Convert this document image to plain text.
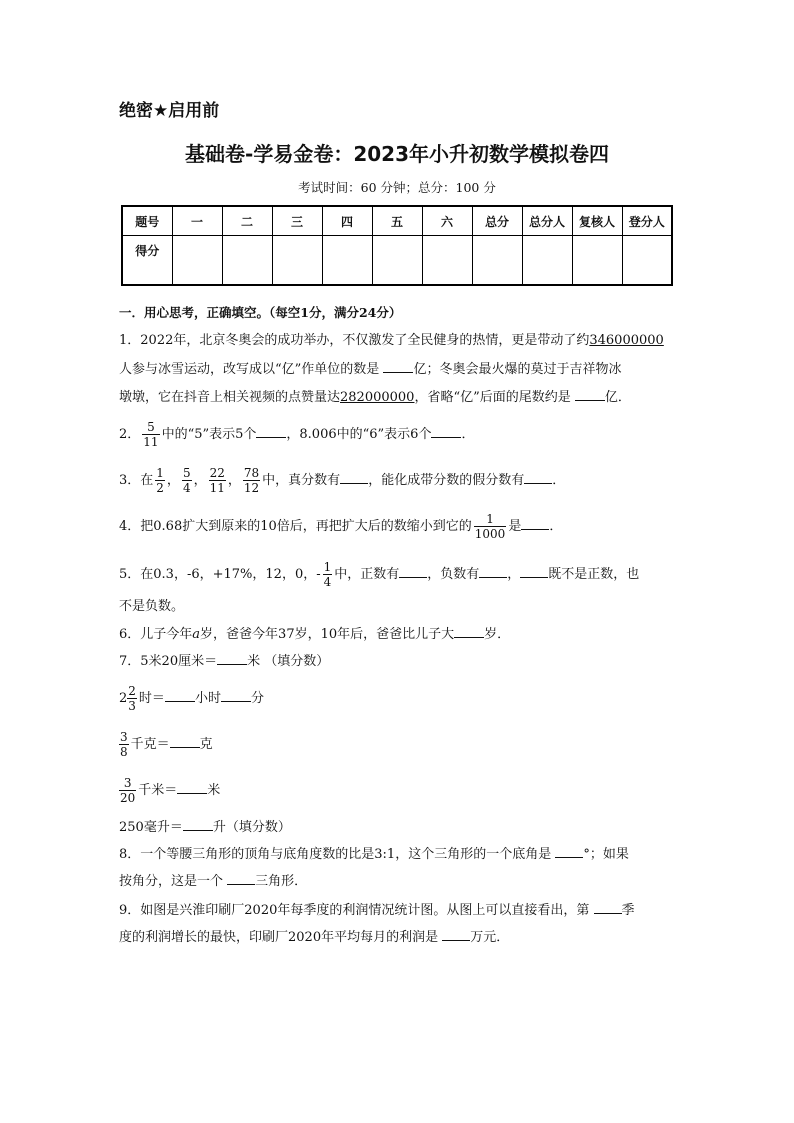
绝密★启用前
基础卷-学易金卷：2023年小升初数学模拟卷四
考试时间：60 分钟；总分：100 分
题号	一	二	三	四	五	六	总分	总分人	复核人	登分人
得分										
一．用心思考，正确填空。（每空1分，满分24分）
1．2022年，北京冬奥会的成功举办，不仅激发了全民健身的热情，更是带动了约346000000
人参与冰雪运动，改写成以“亿”作单位的数是	亿；冬奥会最火爆的莫过于吉祥物冰
墩墩，它在抖音上相关视频的点赞量达282000000，省略“亿”后面的尾数约是	亿．
2． $\frac{5}{11}$ 中的“5”表示5个 ，8.006中的“6”表示6个 ．
3．在 $\frac{1}{2}$ ， $\frac{5}{4}$ ， $\frac{22}{11}$ ， $\frac{78}{12}$ 中，真分数有 ，能化成带分数的假分数有 ．
4．把0.68扩大到原来的10倍后，再把扩大后的数缩小到它的 $\frac{1}{1000}$ 是 ．
5．在0.3，-6，+17%，12，0，- $\frac{1}{4}$ 中，正数有 ，负数有 ， 既不是正数，也
不是负数。
6．儿子今年a岁，爸爸今年37岁，10年后，爸爸比儿子大 岁．
7．5米20厘米＝ 米 （填分数）
$2 \frac{2}{3}$ 时＝ 小时 分
$\frac{3}{8}$ 千克＝ 克
$\frac{3}{20}$ 千米＝ 米
250毫升＝ 升（填分数）
8．一个等腰三角形的顶角与底角度数的比是3:1，这个三角形的一个底角是 °；如果
按角分，这是一个 三角形．
9．如图是兴淮印刷厂2020年每季度的利润情况统计图。从图上可以直接看出，第 季
度的利润增长的最快，印刷厂2020年平均每月的利润是 万元．
